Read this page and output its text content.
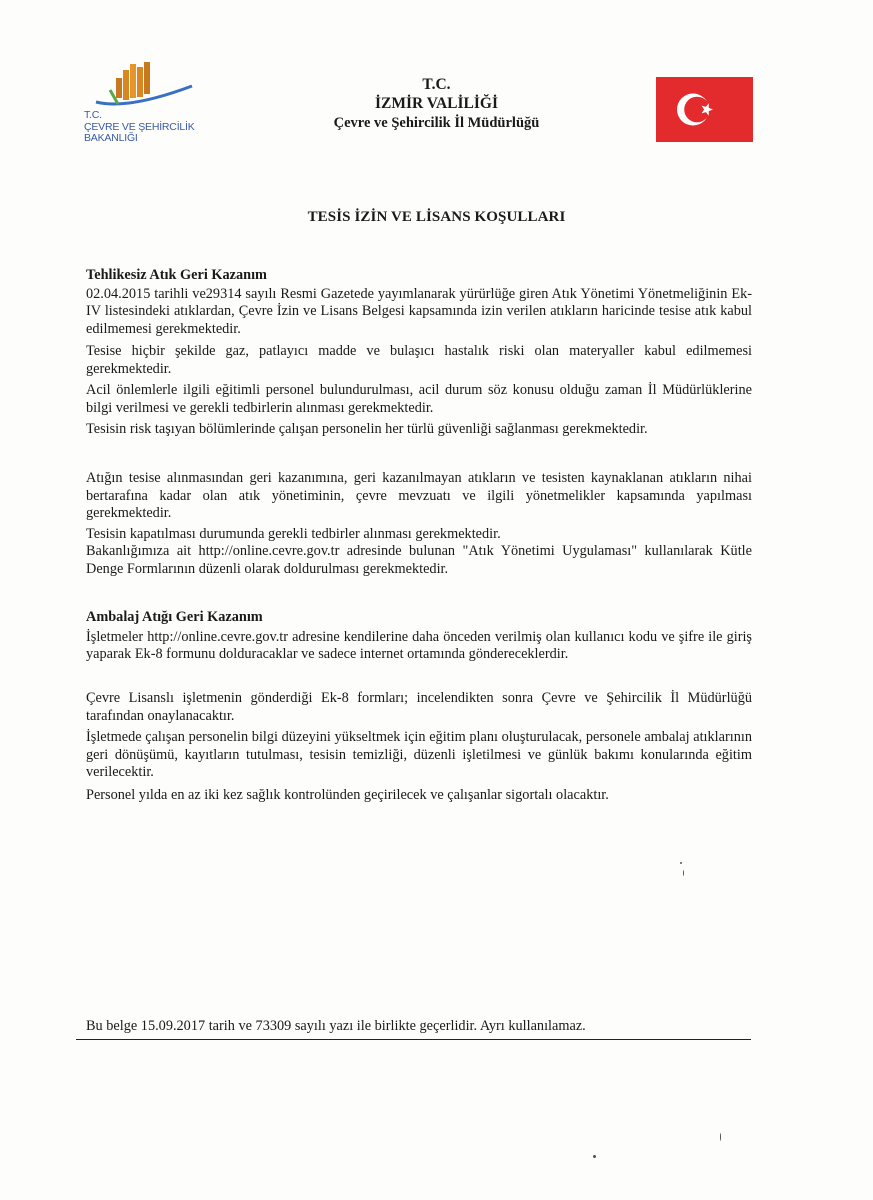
T.C.
ÇEVRE VE ŞEHİRCİLİK
BAKANLIĞI
T.C.
İZMİR VALİLİĞİ
Çevre ve Şehircilik İl Müdürlüğü
TESİS İZİN VE LİSANS KOŞULLARI

Tehlikesiz Atık Geri Kazanım

02.04.2015 tarihli ve29314 sayılı Resmi Gazetede yayımlanarak yürürlüğe giren Atık Yönetimi Yönetmeliğinin Ek-IV listesindeki atıklardan, Çevre İzin ve Lisans Belgesi kapsamında izin verilen atıkların haricinde tesise atık kabul edilmemesi gerekmektedir.

Tesise hiçbir şekilde gaz, patlayıcı madde ve bulaşıcı hastalık riski olan materyaller kabul edilmemesi gerekmektedir.

Acil önlemlerle ilgili eğitimli personel bulundurulması, acil durum söz konusu olduğu zaman İl Müdürlüklerine bilgi verilmesi ve gerekli tedbirlerin alınması gerekmektedir.

Tesisin risk taşıyan bölümlerinde çalışan personelin her türlü güvenliği sağlanması gerekmektedir.

Atığın tesise alınmasından geri kazanımına, geri kazanılmayan atıkların ve tesisten kaynaklanan atıkların nihai bertarafına kadar olan atık yönetiminin, çevre mevzuatı ve ilgili yönetmelikler kapsamında yapılması gerekmektedir.

Tesisin kapatılması durumunda gerekli tedbirler alınması gerekmektedir.

Bakanlığımıza ait http://online.cevre.gov.tr adresinde bulunan "Atık Yönetimi Uygulaması" kullanılarak Kütle Denge Formlarının düzenli olarak doldurulması gerekmektedir.

Ambalaj Atığı Geri Kazanım

İşletmeler http://online.cevre.gov.tr adresine kendilerine daha önceden verilmiş olan kullanıcı kodu ve şifre ile giriş yaparak Ek-8 formunu dolduracaklar ve sadece internet ortamında göndereceklerdir.

Çevre Lisanslı işletmenin gönderdiği Ek-8 formları; incelendikten sonra Çevre ve Şehircilik İl Müdürlüğü tarafından onaylanacaktır.

İşletmede çalışan personelin bilgi düzeyini yükseltmek için eğitim planı oluşturulacak, personele ambalaj atıklarının geri dönüşümü, kayıtların tutulması, tesisin temizliği, düzenli işletilmesi ve günlük bakımı konularında eğitim verilecektir.

Personel yılda en az iki kez sağlık kontrolünden geçirilecek ve çalışanlar sigortalı olacaktır.

Bu belge 15.09.2017 tarih ve 73309 sayılı yazı ile birlikte geçerlidir. Ayrı kullanılamaz.
